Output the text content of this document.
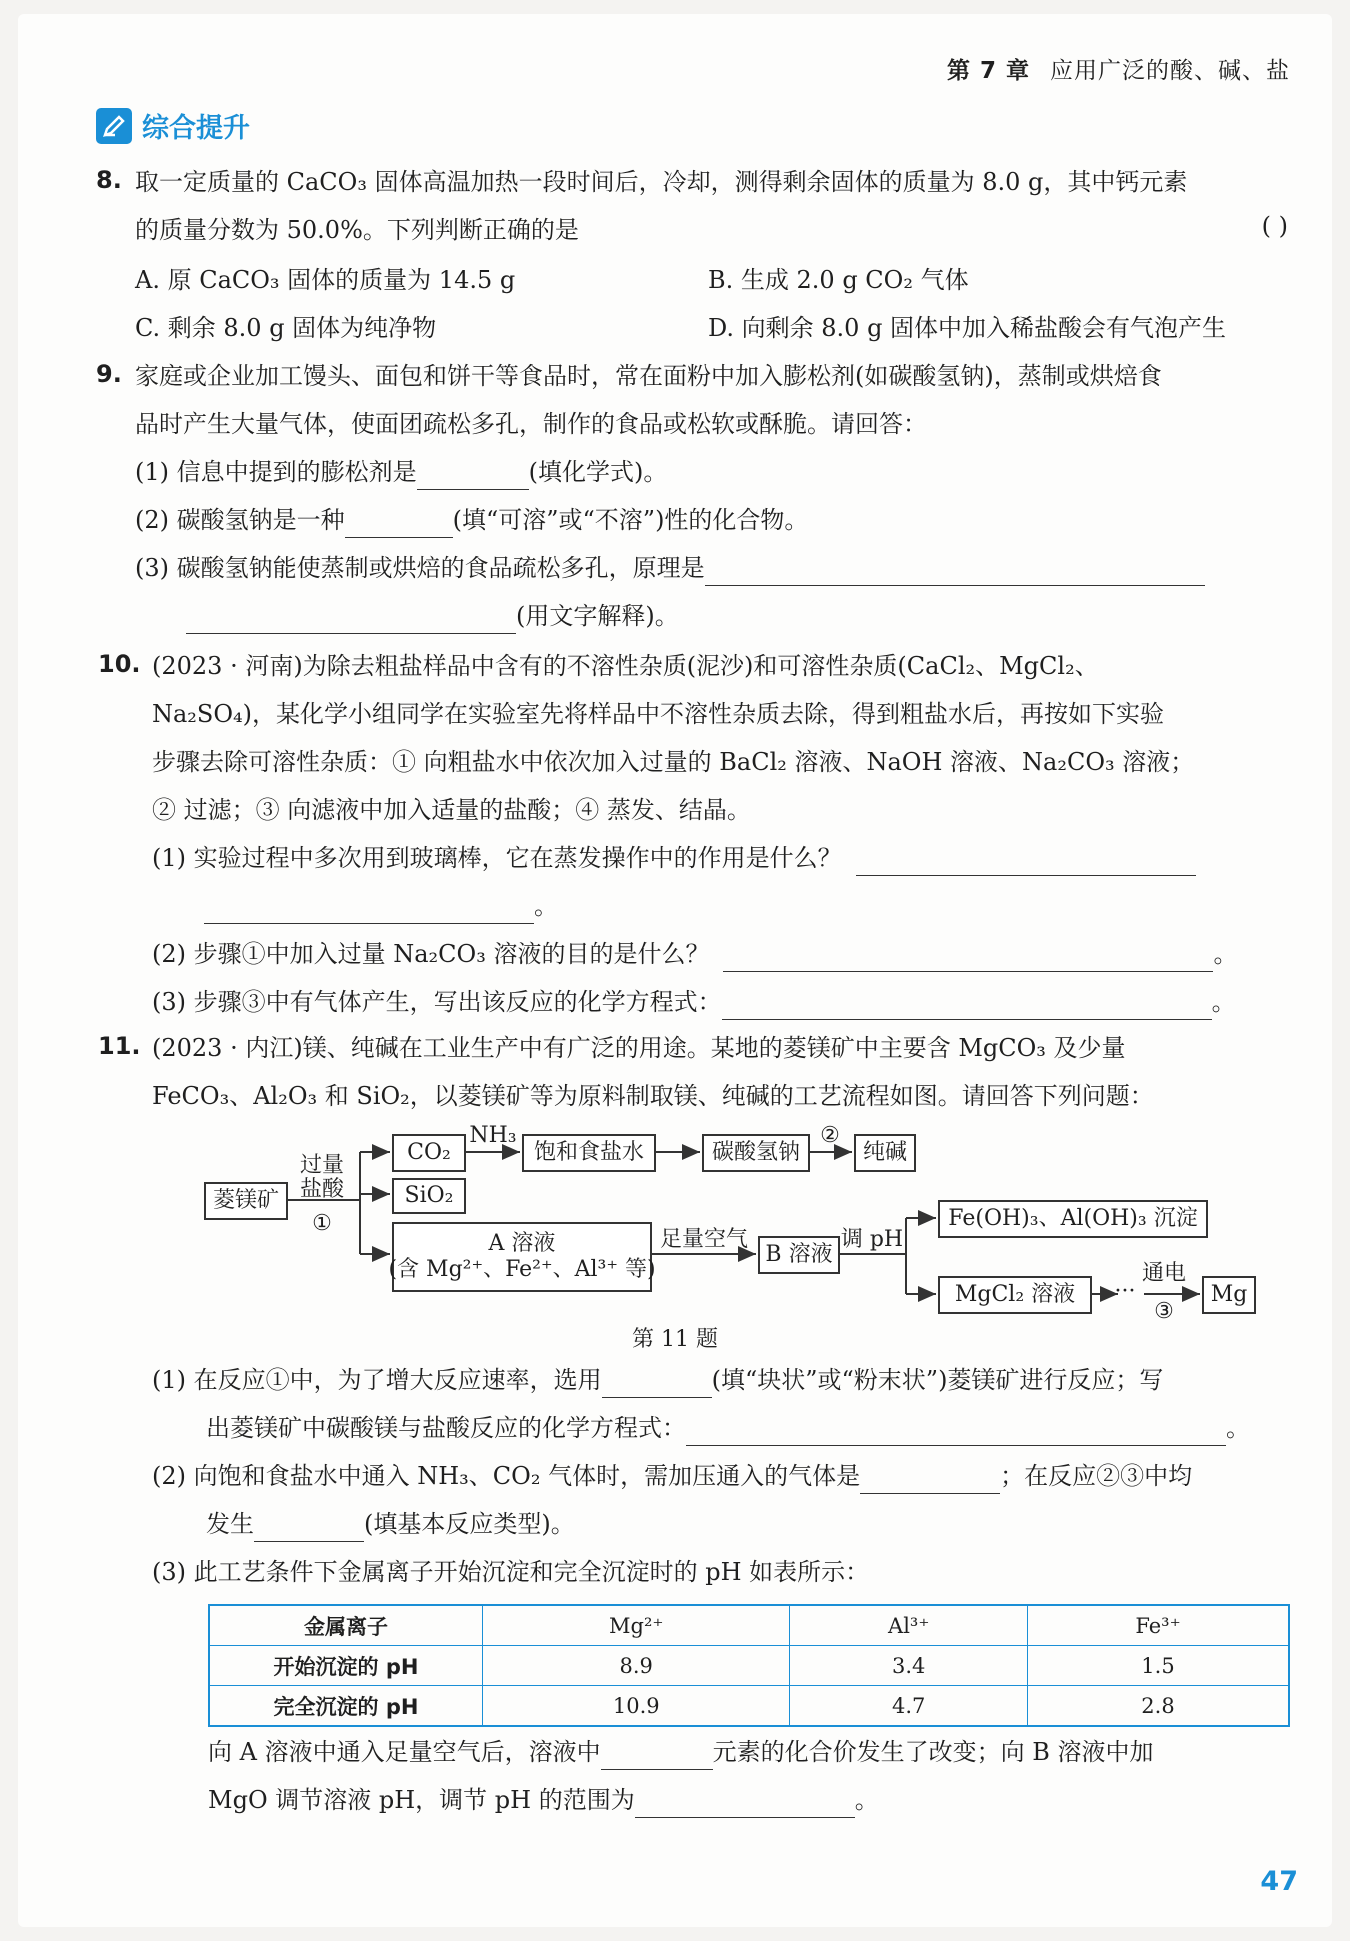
第 7 章 应用广泛的酸、碱、盐
综合提升
8. 取一定质量的 CaCO₃ 固体高温加热一段时间后，冷却，测得剩余固体的质量为 8.0 g，其中钙元素
的质量分数为 50.0%。下列判断正确的是	( )
A. 原 CaCO₃ 固体的质量为 14.5 g	B. 生成 2.0 g CO₂ 气体
C. 剩余 8.0 g 固体为纯净物	D. 向剩余 8.0 g 固体中加入稀盐酸会有气泡产生
9. 家庭或企业加工馒头、面包和饼干等食品时，常在面粉中加入膨松剂(如碳酸氢钠)，蒸制或烘焙食
品时产生大量气体，使面团疏松多孔，制作的食品或松软或酥脆。请回答：
(1) 信息中提到的膨松剂是	(填化学式)。
(2) 碳酸氢钠是一种	(填“可溶”或“不溶”)性的化合物。
(3) 碳酸氢钠能使蒸制或烘焙的食品疏松多孔，原理是
(用文字解释)。
10. (2023 · 河南)为除去粗盐样品中含有的不溶性杂质(泥沙)和可溶性杂质(CaCl₂、MgCl₂、
Na₂SO₄)，某化学小组同学在实验室先将样品中不溶性杂质去除，得到粗盐水后，再按如下实验
步骤去除可溶性杂质：① 向粗盐水中依次加入过量的 BaCl₂ 溶液、NaOH 溶液、Na₂CO₃ 溶液；
② 过滤；③ 向滤液中加入适量的盐酸；④ 蒸发、结晶。
(1) 实验过程中多次用到玻璃棒，它在蒸发操作中的作用是什么？
。
(2) 步骤①中加入过量 Na₂CO₃ 溶液的目的是什么？	。
(3) 步骤③中有气体产生，写出该反应的化学方程式：	。
11. (2023 · 内江)镁、纯碱在工业生产中有广泛的用途。某地的菱镁矿中主要含 MgCO₃ 及少量
FeCO₃、Al₂O₃ 和 SiO₂，以菱镁矿等为原料制取镁、纯碱的工艺流程如图。请回答下列问题：
菱镁矿
过量
盐酸
①
CO₂
NH₃
饱和食盐水	碳酸氢钠
②
纯碱
SiO₂
A 溶液
(含 Mg²⁺、Fe²⁺、Al³⁺ 等)
足量空气
B 溶液
调 pH
Fe(OH)₃、Al(OH)₃ 沉淀
MgCl₂ 溶液	···
通电
③
Mg
第 11 题
(1) 在反应①中，为了增大反应速率，选用	(填“块状”或“粉末状”)菱镁矿进行反应；写
出菱镁矿中碳酸镁与盐酸反应的化学方程式：	。
(2) 向饱和食盐水中通入 NH₃、CO₂ 气体时，需加压通入的气体是	；在反应②③中均
发生	(填基本反应类型)。
(3) 此工艺条件下金属离子开始沉淀和完全沉淀时的 pH 如表所示：
金属离子	Mg²⁺	Al³⁺	Fe³⁺
开始沉淀的 pH	8.9	3.4	1.5
完全沉淀的 pH	10.9	4.7	2.8
向 A 溶液中通入足量空气后，溶液中	元素的化合价发生了改变；向 B 溶液中加
MgO 调节溶液 pH，调节 pH 的范围为	。
47
